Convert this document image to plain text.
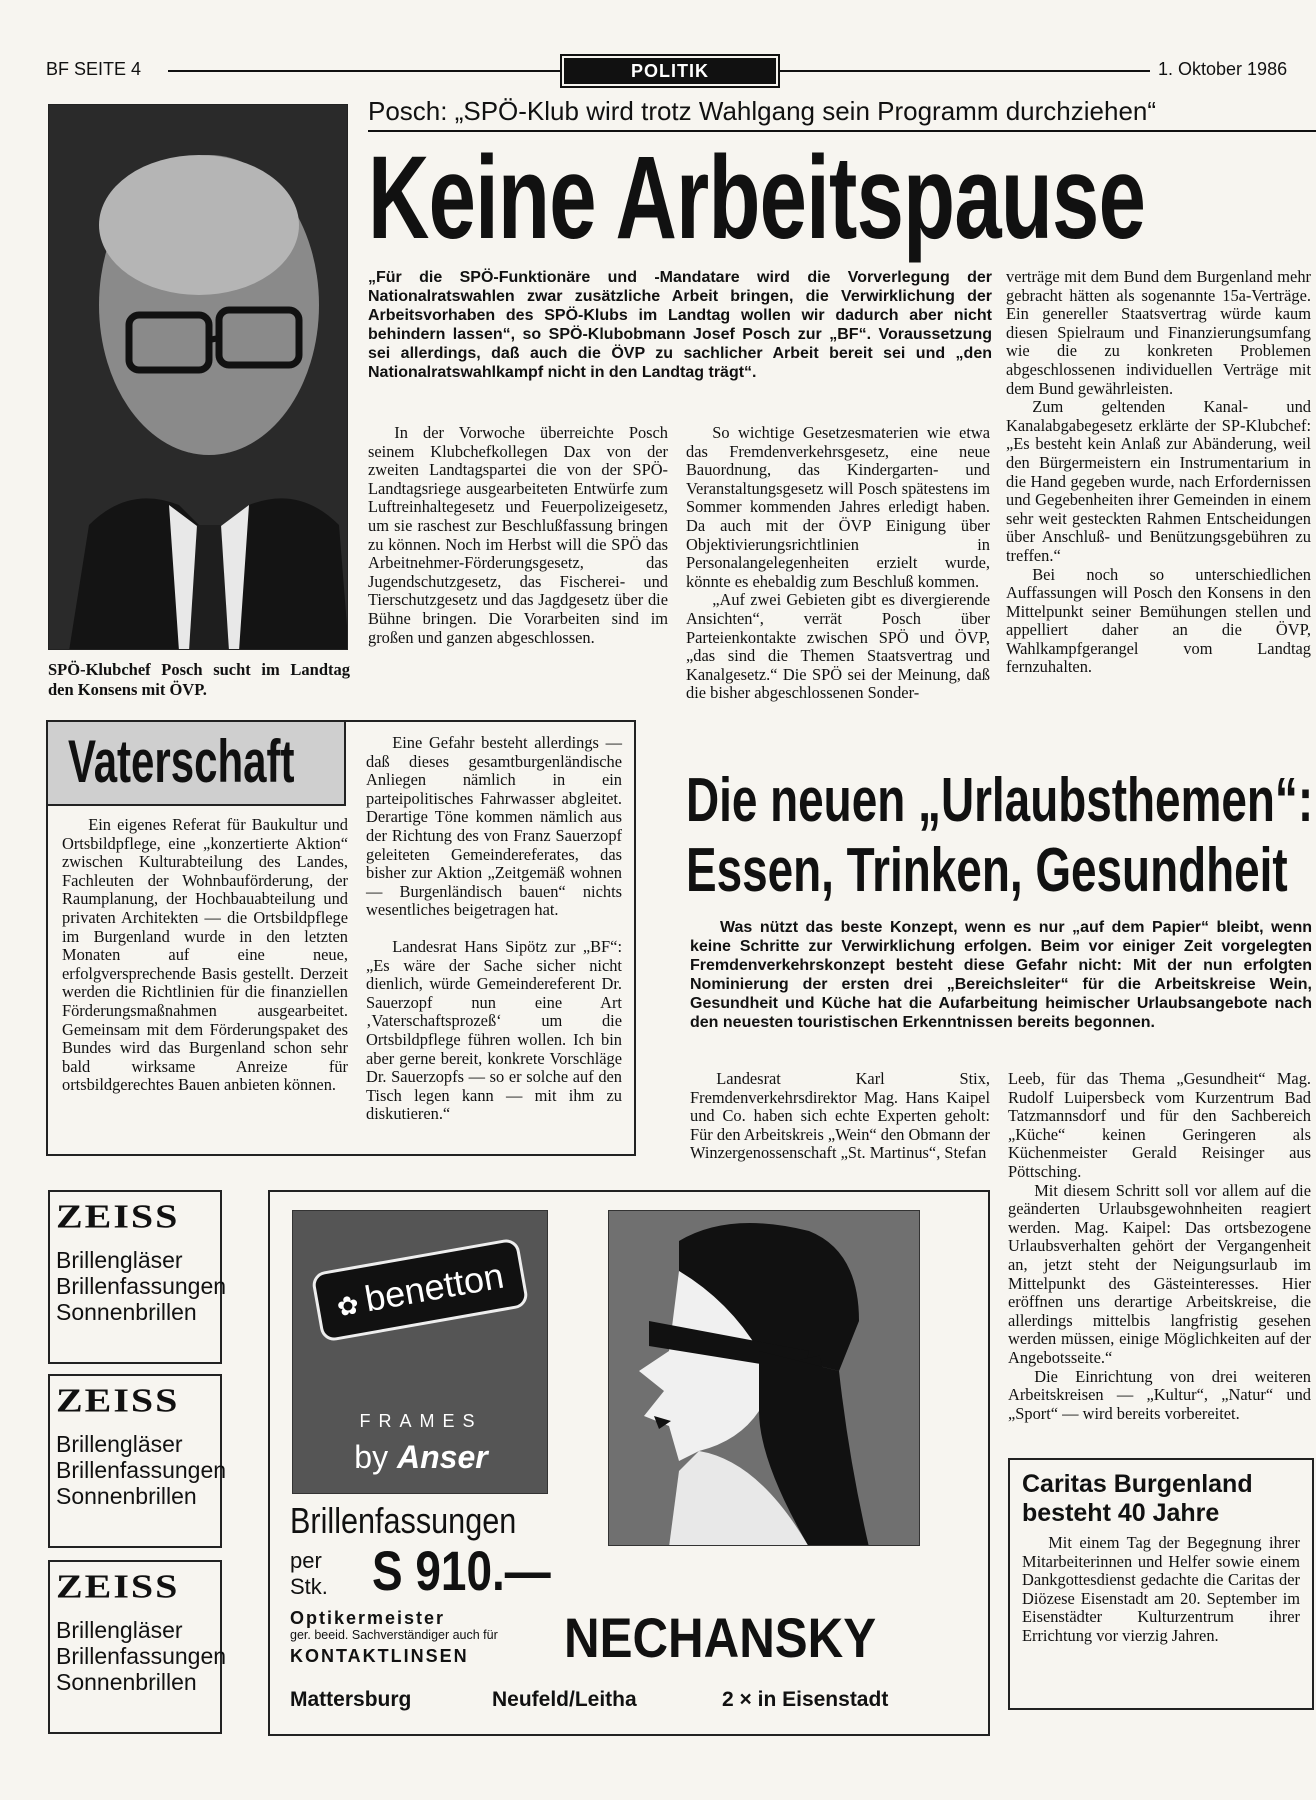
BF SEITE 4	POLITIK	1. Oktober 1986
SPÖ-Klubchef Posch sucht im Landtag den Konsens mit ÖVP.
Posch: „SPÖ-Klub wird trotz Wahlgang sein Programm durchziehen“
Keine Arbeitspause
„Für die SPÖ-Funktionäre und -Mandatare wird die Vorverlegung der Nationalratswahlen zwar zusätzliche Arbeit bringen, die Verwirklichung der Arbeitsvorhaben des SPÖ-Klubs im Landtag wollen wir dadurch aber nicht behindern lassen“, so SPÖ-Klubobmann Josef Posch zur „BF“. Voraussetzung sei allerdings, daß auch die ÖVP zu sachlicher Arbeit bereit sei und „den Nationalratswahlkampf nicht in den Landtag trägt“.

In der Vorwoche überreichte Posch seinem Klubchefkollegen Dax von der zweiten Landtagspartei die von der SPÖ-Landtagsriege ausgearbeiteten Entwürfe zum Luftreinhaltegesetz und Feuerpolizeigesetz, um sie raschest zur Beschlußfassung bringen zu können. Noch im Herbst will die SPÖ das Arbeitnehmer-Förderungsgesetz, das Jugendschutzgesetz, das Fischerei- und Tierschutzgesetz und das Jagdgesetz über die Bühne bringen. Die Vorarbeiten sind im großen und ganzen abgeschlossen.

So wichtige Gesetzesmaterien wie etwa das Fremdenverkehrsgesetz, eine neue Bauordnung, das Kindergarten- und Veranstaltungsgesetz will Posch spätestens im Sommer kommenden Jahres erledigt haben. Da auch mit der ÖVP Einigung über Objektivierungsrichtlinien in Personalangelegenheiten erzielt wurde, könnte es ehebaldig zum Beschluß kommen.

„Auf zwei Gebieten gibt es divergierende Ansichten“, verrät Posch über Parteienkontakte zwischen SPÖ und ÖVP, „das sind die Themen Staatsvertrag und Kanalgesetz.“ Die SPÖ sei der Meinung, daß die bisher abgeschlossenen Sonder-

verträge mit dem Bund dem Burgenland mehr gebracht hätten als sogenannte 15a-Verträge. Ein genereller Staatsvertrag würde kaum diesen Spielraum und Finanzierungsumfang wie die zu konkreten Problemen abgeschlossenen individuellen Verträge mit dem Bund gewährleisten.

Zum geltenden Kanal- und Kanalabgabegesetz erklärte der SP-Klubchef: „Es besteht kein Anlaß zur Abänderung, weil den Bürgermeistern ein Instrumentarium in die Hand gegeben wurde, nach Erfordernissen und Gegebenheiten ihrer Gemeinden in einem sehr weit gesteckten Rahmen Entscheidungen über Anschluß- und Benützungsgebühren zu treffen.“

Bei noch so unterschiedlichen Auffassungen will Posch den Konsens in den Mittelpunkt seiner Bemühungen stellen und appelliert daher an die ÖVP, Wahlkampfgerangel vom Landtag fernzuhalten.

Vaterschaft

Ein eigenes Referat für Baukultur und Ortsbildpflege, eine „konzertierte Aktion“ zwischen Kulturabteilung des Landes, Fachleuten der Wohnbauförderung, der Raumplanung, der Hochbauabteilung und privaten Architekten — die Ortsbildpflege im Burgenland wurde in den letzten Monaten auf eine neue, erfolgversprechende Basis gestellt. Derzeit werden die Richtlinien für die finanziellen Förderungsmaßnahmen ausgearbeitet. Gemeinsam mit dem Förderungspaket des Bundes wird das Burgenland schon sehr bald wirksame Anreize für ortsbildgerechtes Bauen anbieten können.

Eine Gefahr besteht allerdings — daß dieses gesamtburgenländische Anliegen nämlich in ein parteipolitisches Fahrwasser abgleitet. Derartige Töne kommen nämlich aus der Richtung des von Franz Sauerzopf geleiteten Gemeindereferates, das bisher zur Aktion „Zeitgemäß wohnen — Burgenländisch bauen“ nichts wesentliches beigetragen hat.

Landesrat Hans Sipötz zur „BF“: „Es wäre der Sache sicher nicht dienlich, würde Gemeindereferent Dr. Sauerzopf nun eine Art ‚Vaterschaftsprozeß‘ um die Ortsbildpflege führen wollen. Ich bin aber gerne bereit, konkrete Vorschläge Dr. Sauerzopfs — so er solche auf den Tisch legen kann — mit ihm zu diskutieren.“

Die neuen „Urlaubsthemen“:
Essen, Trinken, Gesundheit
Was nützt das beste Konzept, wenn es nur „auf dem Papier“ bleibt, wenn keine Schritte zur Verwirklichung erfolgen. Beim vor einiger Zeit vorgelegten Fremdenverkehrskonzept besteht diese Gefahr nicht: Mit der nun erfolgten Nominierung der ersten drei „Bereichsleiter“ für die Arbeitskreise Wein, Gesundheit und Küche hat die Aufarbeitung heimischer Urlaubsangebote nach den neuesten touristischen Erkenntnissen bereits begonnen.

Landesrat Karl Stix, Fremdenverkehrsdirektor Mag. Hans Kaipel und Co. haben sich echte Experten geholt: Für den Arbeitskreis „Wein“ den Obmann der Winzergenossenschaft „St. Martinus“, Stefan

Leeb, für das Thema „Gesundheit“ Mag. Rudolf Luipersbeck vom Kurzentrum Bad Tatzmannsdorf und für den Sachbereich „Küche“ keinen Geringeren als Küchenmeister Gerald Reisinger aus Pöttsching.

Mit diesem Schritt soll vor allem auf die geänderten Urlaubsgewohnheiten reagiert werden. Mag. Kaipel: Das ortsbezogene Urlaubsverhalten gehört der Vergangenheit an, jetzt steht der Neigungsurlaub im Mittelpunkt des Gästeinteresses. Hier eröffnen uns derartige Arbeitskreise, die allerdings mittelbis langfristig gesehen werden müssen, einige Möglichkeiten auf der Angebotsseite.“

Die Einrichtung von drei weiteren Arbeitskreisen — „Kultur“, „Natur“ und „Sport“ — wird bereits vorbereitet.

Caritas Burgenland
besteht 40 Jahre

Mit einem Tag der Begegnung ihrer Mitarbeiterinnen und Helfer sowie einem Dankgottesdienst gedachte die Caritas der Diözese Eisenstadt am 20. September im Eisenstädter Kulturzentrum ihrer Errichtung vor vierzig Jahren.

ZEISS
Brillengläser
Brillenfassungen
Sonnenbrillen
ZEISS
Brillengläser
Brillenfassungen
Sonnenbrillen
ZEISS
Brillengläser
Brillenfassungen
Sonnenbrillen
✿ benetton
FRAMES
by Anser
Brillenfassungen
per
Stk. S 910.—
Optikermeister
ger. beeid. Sachverständiger auch für
KONTAKTLINSEN NECHANSKY
Mattersburg	Neufeld/Leitha	2 × in Eisenstadt
